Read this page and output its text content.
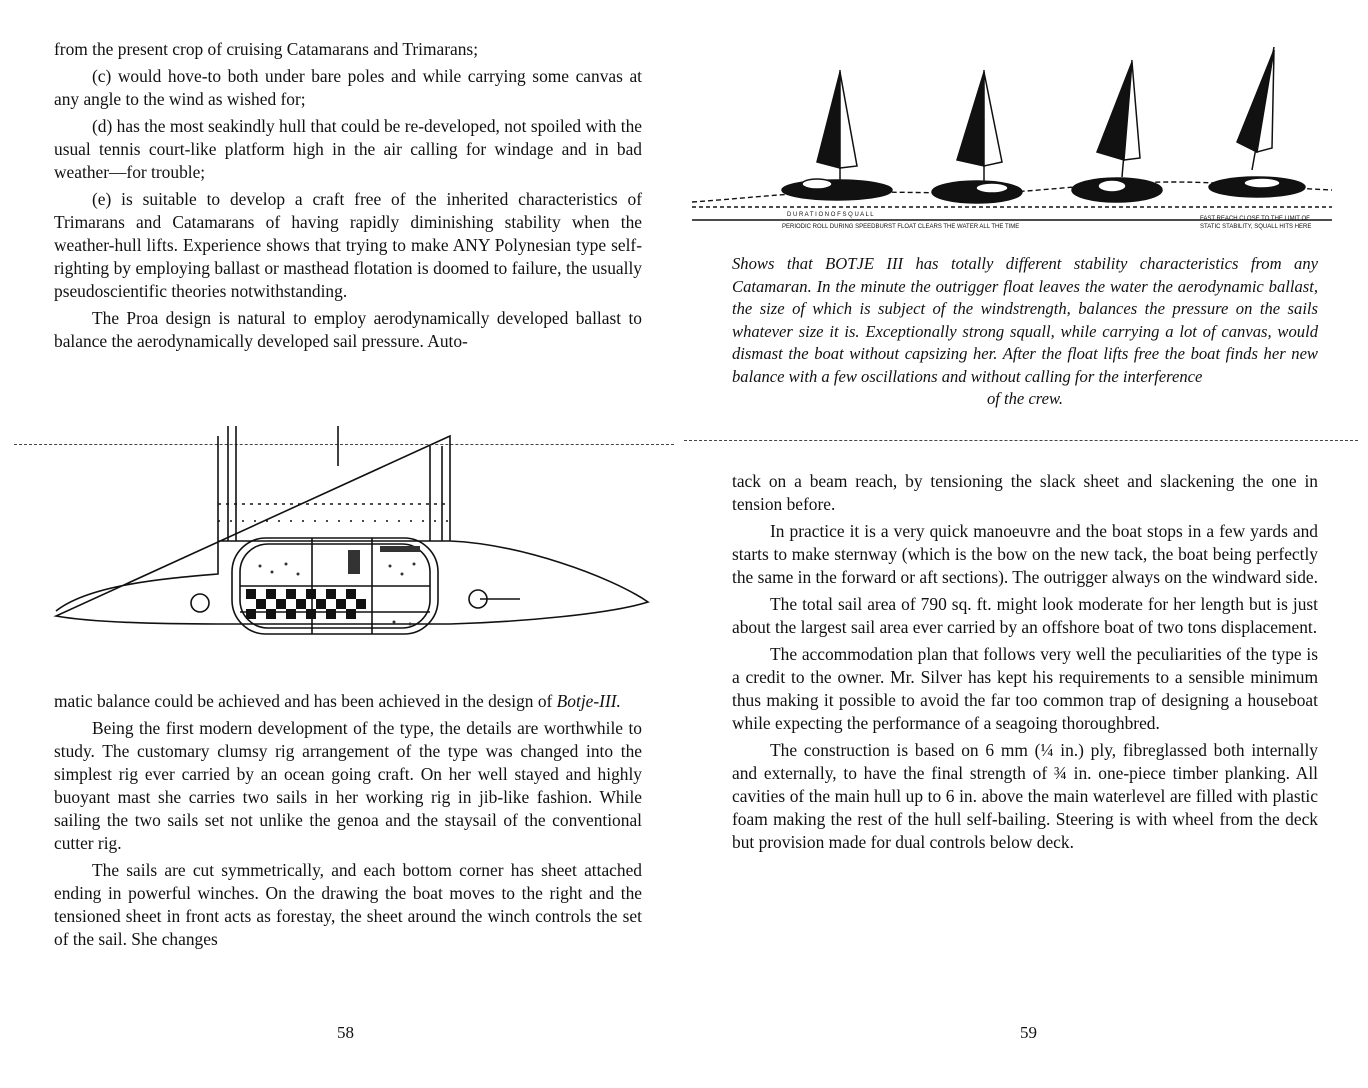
from the present crop of cruising Catamarans and Trimarans;

(c) would hove-to both under bare poles and while carrying some canvas at any angle to the wind as wished for;

(d) has the most seakindly hull that could be re-developed, not spoiled with the usual tennis court-like platform high in the air calling for windage and in bad weather—for trouble;

(e) is suitable to develop a craft free of the inherited characteristics of Trimarans and Catamarans of having rapidly diminishing stability when the weather-hull lifts. Experience shows that trying to make ANY Polynesian type self-righting by employing ballast or masthead flotation is doomed to failure, the usually pseudoscientific theories notwithstanding.

The Proa design is natural to employ aerodynamically developed ballast to balance the aerodynamically developed sail pressure. Auto-

matic balance could be achieved and has been achieved in the design of Botje-III.

Being the first modern development of the type, the details are worthwhile to study. The customary clumsy rig arrangement of the type was changed into the simplest rig ever carried by an ocean going craft. On her well stayed and highly buoyant mast she carries two sails in her working rig in jib-like fashion. While sailing the two sails set not unlike the genoa and the staysail of the conventional cutter rig.

The sails are cut symmetrically, and each bottom corner has sheet attached ending in powerful winches. On the drawing the boat moves to the right and the tensioned sheet in front acts as forestay, the sheet around the winch controls the set of the sail. She changes

58
D U R A T I O N O F S Q U A L L
PERIODIC ROLL DURING SPEEDBURST FLOAT CLEARS THE WATER ALL THE TIME
FAST REACH CLOSE TO THE LIMIT OF
STATIC STABILITY, SQUALL HITS HERE
Shows that BOTJE III has totally different stability characteristics from any Catamaran. In the minute the outrigger float leaves the water the aerodynamic ballast, the size of which is subject of the windstrength, balances the pressure on the sails whatever size it is. Exceptionally strong squall, while carrying a lot of canvas, would dismast the boat without capsizing her. After the float lifts free the boat finds her new balance with a few oscillations and without calling for the interference
of the crew.

tack on a beam reach, by tensioning the slack sheet and slackening the one in tension before.

In practice it is a very quick manoeuvre and the boat stops in a few yards and starts to make sternway (which is the bow on the new tack, the boat being perfectly the same in the forward or aft sections). The outrigger always on the windward side.

The total sail area of 790 sq. ft. might look moderate for her length but is just about the largest sail area ever carried by an offshore boat of two tons displacement.

The accommodation plan that follows very well the peculiarities of the type is a credit to the owner. Mr. Silver has kept his requirements to a sensible minimum thus making it possible to avoid the far too common trap of designing a houseboat while expecting the performance of a seagoing thoroughbred.

The construction is based on 6 mm (¼ in.) ply, fibreglassed both internally and externally, to have the final strength of ¾ in. one-piece timber planking. All cavities of the main hull up to 6 in. above the main waterlevel are filled with plastic foam making the rest of the hull self-bailing. Steering is with wheel from the deck but provision made for dual controls below deck.

59
